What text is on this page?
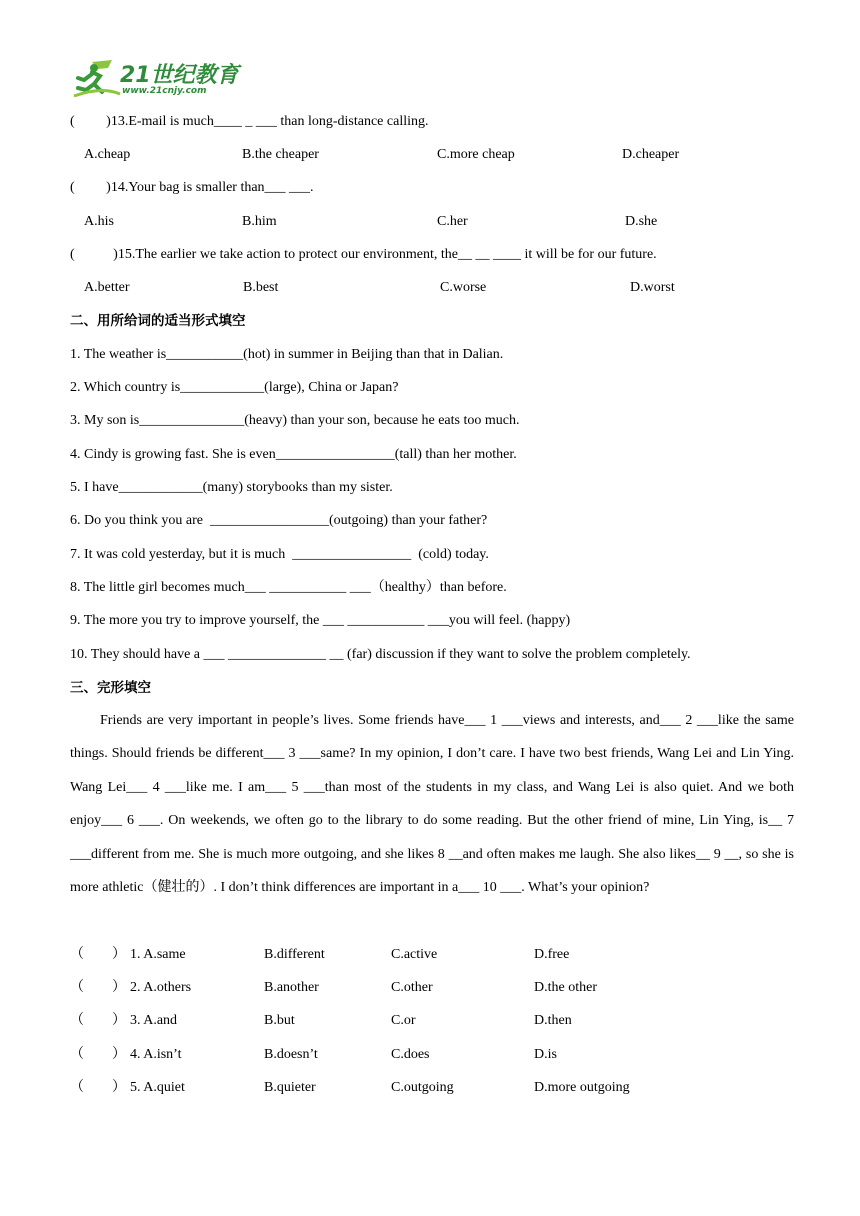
21世纪教育
www.21cnjy.com
(         )13.E-mail is much____ _ ___ than long-distance calling.
A.cheap	B.the cheaper	C.more cheap	D.cheaper
(         )14.Your bag is smaller than___ ___.
A.his	B.him	C.her	D.she
(           )15.The earlier we take action to protect our environment, the__ __ ____ it will be for our future.
A.better	B.best	C.worse	D.worst
二、用所给词的适当形式填空
1. The weather is___________(hot) in summer in Beijing than that in Dalian.
2. Which country is____________(large), China or Japan?
3. My son is_______________(heavy) than your son, because he eats too much.
4. Cindy is growing fast. She is even_________________(tall) than her mother.
5. I have____________(many) storybooks than my sister.
6. Do you think you are  _________________(outgoing) than your father?
7. It was cold yesterday, but it is much  _________________  (cold) today.
8. The little girl becomes much___ ___________ ___（healthy）than before.
9. The more you try to improve yourself, the ___ ___________ ___you will feel. (happy)
10. They should have a ___ ______________ __ (far) discussion if they want to solve the problem completely.
三、完形填空
Friends are very important in people’s lives. Some friends have___ 1 ___views and interests, and___ 2 ___like the same things. Should friends be different___ 3 ___same? In my opinion, I don’t care. I have two best friends, Wang Lei and Lin Ying. Wang Lei___ 4 ___like me. I am___ 5 ___than most of the students in my class, and Wang Lei is also quiet. And we both enjoy___ 6 ___. On weekends, we often go to the library to do some reading. But the other friend of mine, Lin Ying, is__ 7 ___different from me. She is much more outgoing, and she likes 8 __and often makes me laugh. She also likes__ 9 __, so she is more athletic（健壮的）. I don’t think differences are important in a___ 10 ___. What’s your opinion?
（        ） 1. A.same	B.different	C.active	D.free
（        ） 2. A.others	B.another	C.other	D.the other
（        ） 3. A.and	B.but	C.or	D.then
（        ） 4. A.isn’t	B.doesn’t	C.does	D.is
（        ） 5. A.quiet	B.quieter	C.outgoing	D.more outgoing
